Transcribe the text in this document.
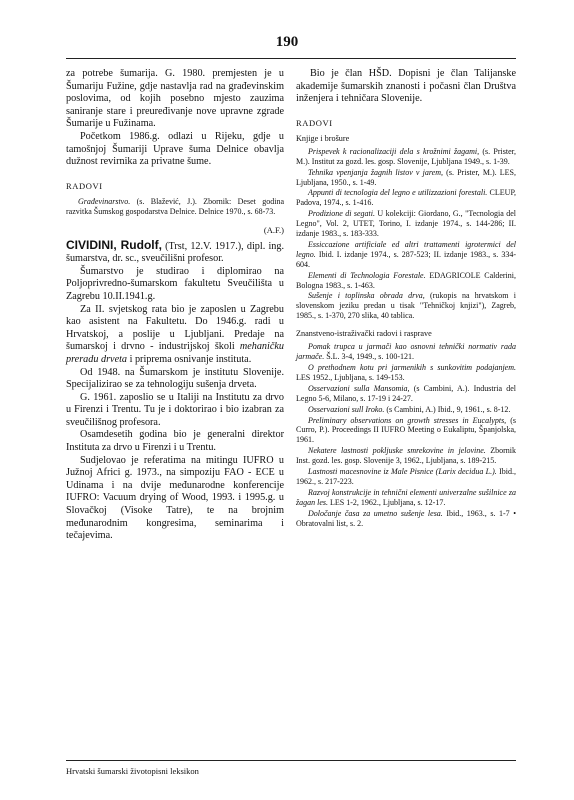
190

za potrebe šumarija. G. 1980. premjesten je u Šumariju Fužine, gdje nastavlja rad na građevinskim poslovima, od kojih posebno mjesto zauzima saniranje stare i preuređivanje nove upravne zgrade Šumarije u Fužinama.

Početkom 1986.g. odlazi u Rijeku, gdje u tamošnjoj Šumariji Uprave šuma Delnice obavlja dužnost revirnika za privatne šume.

RADOVI

Građevinarstvo. (s. Blažević, J.). Zbornik: Deset godina razvitka Šumskog gospodarstva Delnice. Delnice 1970., s. 68-73.

(A.F.)

CIVIDINI, Rudolf, (Trst, 12.V. 1917.), dipl. ing. šumarstva, dr. sc., sveučilišni profesor.

Šumarstvo je studirao i diplomirao na Poljoprivredno-šumarskom fakultetu Sveučilišta u Zagrebu 10.II.1941.g.

Za II. svjetskog rata bio je zaposlen u Zagrebu kao asistent na Fakultetu. Do 1946.g. radi u Hrvatskoj, a poslije u Ljubljani. Predaje na šumarskoj i drvno - industrijskoj školi mehaničku preradu drveta i priprema osnivanje instituta.

Od 1948. na Šumarskom je institutu Slovenije. Specijalizirao se za tehnologiju sušenja drveta.

G. 1961. zaposlio se u Italiji na Institutu za drvo u Firenzi i Trentu. Tu je i doktorirao i bio izabran za sveučilišnog profesora.

Osamdesetih godina bio je generalni direktor Instituta za drvo u Firenzi i u Trentu.

Sudjelovao je referatima na mitingu IUFRO u Južnoj Africi g. 1973., na simpoziju FAO - ECE u Udinama i na dvije međunarodne konferencije IUFRO: Vacuum drying of Wood, 1993. i 1995.g. u Slovačkoj (Visoke Tatre), te na brojnim međunarodnim kongresima, seminarima i tečajevima.

Bio je član HŠD. Dopisni je član Talijanske akademije šumarskih znanosti i počasni član Društva inženjera i tehničara Slovenije.

RADOVI
Knjige i brošure

Prispevek k racionalizaciji dela s krožnimi žagami, (s. Prister, M.). Institut za gozd. les. gosp. Slovenije, Ljubljana 1949., s. 1-39.

Tehnika vpenjanja žagnih listov v jarem, (s. Prister, M.). LES, Ljubljana, 1950., s. 1-49.

Appunti di tecnologia del legno e utilizzazioni forestali. CLEUP, Padova, 1974., s. 1-416.

Prodizione di segati. U kolekciji: Giordano, G., "Tecnologia del Legno", Vol. 2, UTET, Torino, I. izdanje 1974., s. 144-286; II. izdanje 1983., s. 183-333.

Essiccazione artificiale ed altri trattamenti igrotermici del legno. Ibid. I. izdanje 1974., s. 287-523; II. izdanje 1983., s. 334-604.

Elementi di Technologia Forestale. EDAGRICOLE Calderini, Bologna 1983., s. 1-463.

Sušenje i toplinska obrada drva, (rukopis na hrvatskom i slovenskom jeziku predan u tisak "Tehničkoj knjizi"), Zagreb, 1985., s. 1-370, 270 slika, 40 tablica.

Znanstveno-istraživački radovi i rasprave

Pomak trupca u jarmači kao osnovni tehnički normativ rada jarmače. Š.L. 3-4, 1949., s. 100-121.

O prethodnem kotu pri jarmenikih s sunkovitim podajanjem. LES 1952., Ljubljana, s. 149-153.

Osservazioni sulla Mansomia, (s Cambini, A.). Industria del Legno 5-6, Milano, s. 17-19 i 24-27.

Osservazioni sull Iroko. (s Cambini, A.) Ibid., 9, 1961., s. 8-12.

Preliminary observations on growth stresses in Eucalypts, (s Curro, P.). Proceedings II IUFRO Meeting o Eukaliptu, Španjolska, 1961.

Nekatere lastnosti pokljuske smrekovine in jelovine. Zbornik Inst. gozd. les. gosp. Slovenije 3, 1962., Ljubljana, s. 189-215.

Lastnosti macesnovine iz Male Pisnice (Larix decidua L.). Ibid., 1962., s. 217-223.

Razvoj konstrukcije in tehnični elementi univerzalne sušilnice za žagan les. LES 1-2, 1962., Ljubljana, s. 12-17.

Določanje časa za umetno sušenje lesa. Ibid., 1963., s. 1-7 • Obratovalni list, s. 2.

Hrvatski šumarski životopisni leksikon
